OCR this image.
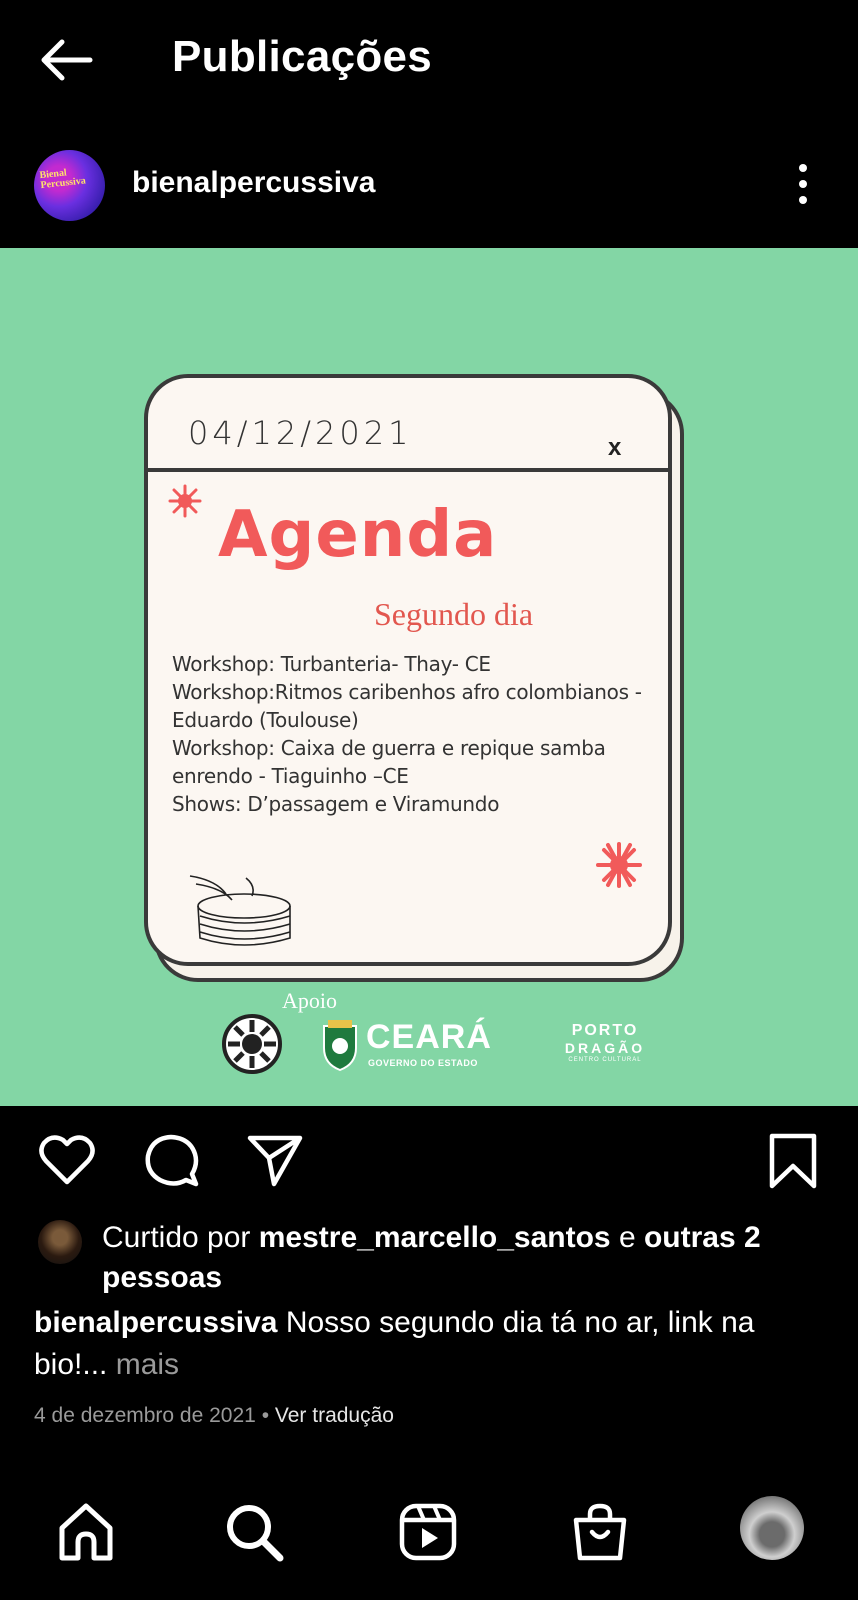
Publicações
Bienal Percussiva	bienalpercussiva
04/12/2021	x
Agenda
Segundo dia
Workshop: Turbanteria- Thay- CE
Workshop:Ritmos caribenhos afro colombianos - Eduardo (Toulouse)
Workshop: Caixa de guerra e repique samba enrendo - Tiaguinho –CE
Shows: D’passagem e Viramundo
Apoio
CEARÁ
GOVERNO DO ESTADO
PORTO
DRAGÃO
CENTRO CULTURAL
Curtido por mestre_marcello_santos e outras 2 pessoas
bienalpercussiva Nosso segundo dia tá no ar, link na bio!... mais
4 de dezembro de 2021 • Ver tradução
